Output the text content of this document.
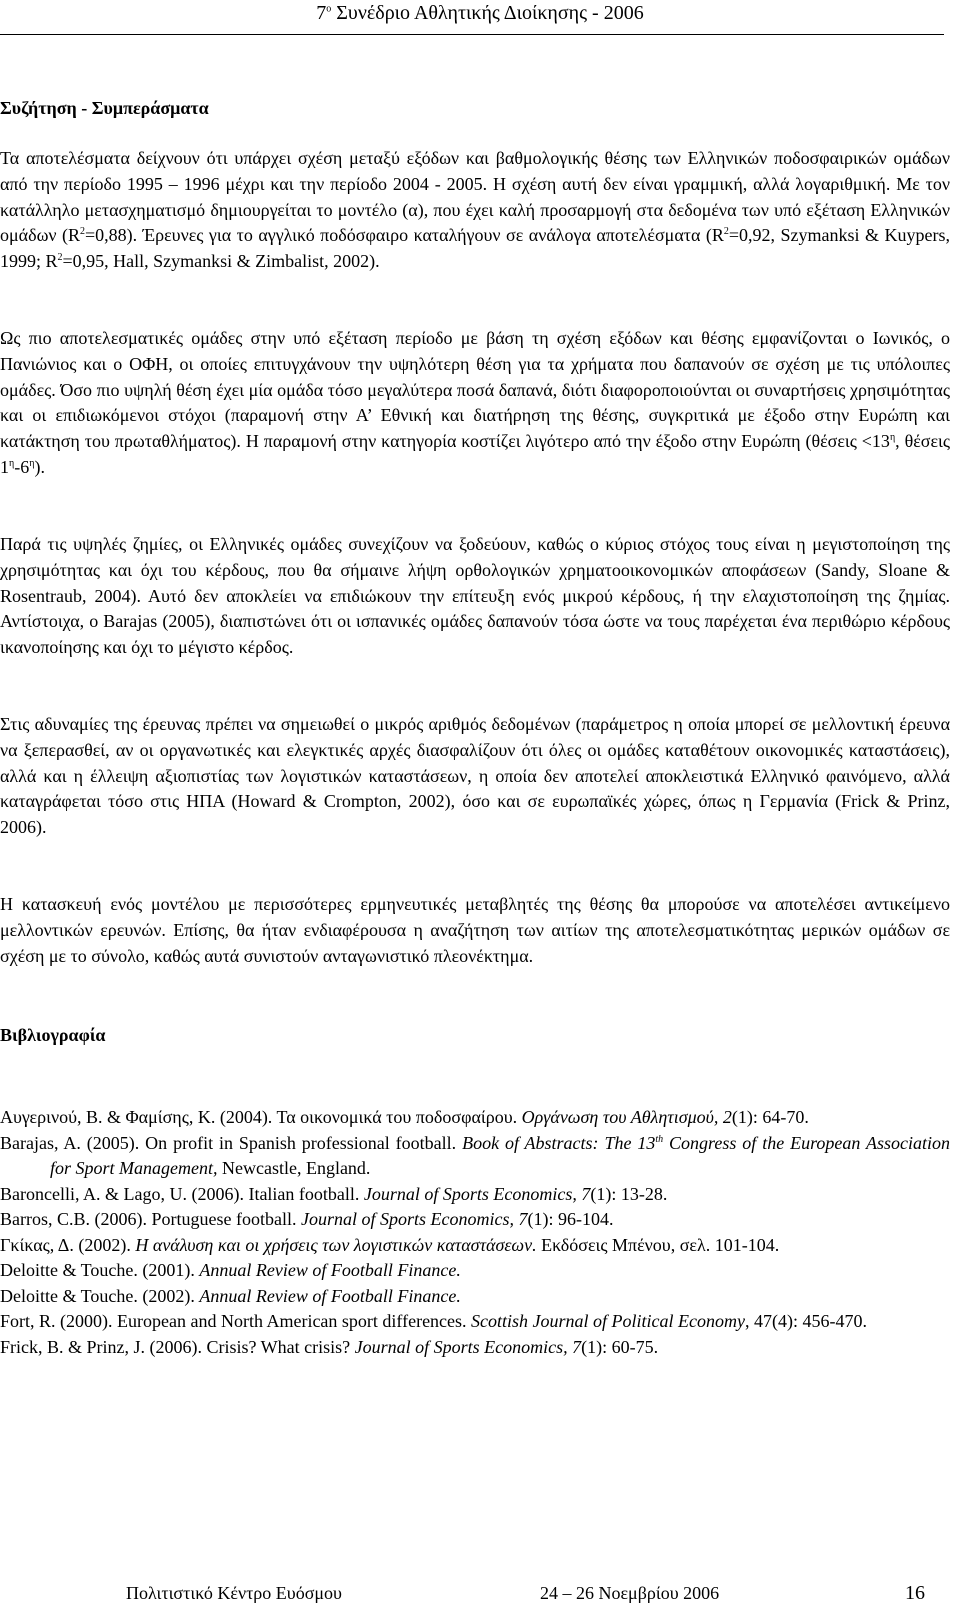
$7^o$ Συνέδριο Αθλητικής Διοίκησης - 2006
Συζήτηση - Συμπεράσματα
Τα αποτελέσματα δείχνουν ότι υπάρχει σχέση μεταξύ εξόδων και βαθμολογικής θέσης των Ελληνικών ποδοσφαιρικών ομάδων από την περίοδο 1995 – 1996 μέχρι και την περίοδο 2004 - 2005. Η σχέση αυτή δεν είναι γραμμική, αλλά λογαριθμική. Με τον κατάλληλο μετασχηματισμό δημιουργείται το μοντέλο (α), που έχει καλή προσαρμογή στα δεδομένα των υπό εξέταση Ελληνικών ομάδων $(R^2=0,88)$. Έρευνες για το αγγλικό ποδόσφαιρο καταλήγουν σε ανάλογα αποτελέσματα ($R^2=0,92$, Szymanksi & Kuypers, 1999; $R^2=0,95$, Hall, Szymanksi & Zimbalist, 2002).
Ως πιο αποτελεσματικές ομάδες στην υπό εξέταση περίοδο με βάση τη σχέση εξόδων και θέσης εμφανίζονται ο Ιωνικός, ο Πανιώνιος και ο ΟΦΗ, οι οποίες επιτυγχάνουν την υψηλότερη θέση για τα χρήματα που δαπανούν σε σχέση με τις υπόλοιπες ομάδες. Όσο πιο υψηλή θέση έχει μία ομάδα τόσο μεγαλύτερα ποσά δαπανά, διότι διαφοροποιούνται οι συναρτήσεις χρησιμότητας και οι επιδιωκόμενοι στόχοι (παραμονή στην Α’ Εθνική και διατήρηση της θέσης, συγκριτικά με έξοδο στην Ευρώπη και κατάκτηση του πρωταθλήματος). Η παραμονή στην κατηγορία κοστίζει λιγότερο από την έξοδο στην Ευρώπη ($\theta έ\sigma\varepsilon\iota\varsigma <13^\eta$, θέσεις $1^\eta-6^\eta$).
Παρά τις υψηλές ζημίες, οι Ελληνικές ομάδες συνεχίζουν να ξοδεύουν, καθώς ο κύριος στόχος τους είναι η μεγιστοποίηση της χρησιμότητας και όχι του κέρδους, που θα σήμαινε λήψη ορθολογικών χρηματοοικονομικών αποφάσεων (Sandy, Sloane & Rosentraub, 2004). Αυτό δεν αποκλείει να επιδιώκουν την επίτευξη ενός μικρού κέρδους, ή την ελαχιστοποίηση της ζημίας. Αντίστοιχα, ο Barajas (2005), διαπιστώνει ότι οι ισπανικές ομάδες δαπανούν τόσα ώστε να τους παρέχεται ένα περιθώριο κέρδους ικανοποίησης και όχι το μέγιστο κέρδος.
Στις αδυναμίες της έρευνας πρέπει να σημειωθεί ο μικρός αριθμός δεδομένων (παράμετρος η οποία μπορεί σε μελλοντική έρευνα να ξεπερασθεί, αν οι οργανωτικές και ελεγκτικές αρχές διασφαλίζουν ότι όλες οι ομάδες καταθέτουν οικονομικές καταστάσεις), αλλά και η έλλειψη αξιοπιστίας των λογιστικών καταστάσεων, η οποία δεν αποτελεί αποκλειστικά Ελληνικό φαινόμενο, αλλά καταγράφεται τόσο στις ΗΠΑ (Howard & Crompton, 2002), όσο και σε ευρωπαϊκές χώρες, όπως η Γερμανία (Frick & Prinz, 2006).
Η κατασκευή ενός μοντέλου με περισσότερες ερμηνευτικές μεταβλητές της θέσης θα μπορούσε να αποτελέσει αντικείμενο μελλοντικών ερευνών. Επίσης, θα ήταν ενδιαφέρουσα η αναζήτηση των αιτίων της αποτελεσματικότητας μερικών ομάδων σε σχέση με το σύνολο, καθώς αυτά συνιστούν ανταγωνιστικό πλεονέκτημα.
Βιβλιογραφία

Αυγερινού, Β. & Φαμίσης, Κ. (2004). Τα οικονομικά του ποδοσφαίρου. Οργάνωση του Αθλητισμού, 2(1): 64-70.

Barajas, A. (2005). On profit in Spanish professional football. Book of Abstracts: The 13th Congress of the European Association for Sport Management, Newcastle, England.

Baroncelli, A. & Lago, U. (2006). Italian football. Journal of Sports Economics, 7(1): 13-28.

Barros, C.B. (2006). Portuguese football. Journal of Sports Economics, 7(1): 96-104.

Γκίκας, Δ. (2002). Η ανάλυση και οι χρήσεις των λογιστικών καταστάσεων. Εκδόσεις Μπένου, σελ. 101-104.

Deloitte & Touche. (2001). Annual Review of Football Finance.

Deloitte & Touche. (2002). Annual Review of Football Finance.

Fort, R. (2000). European and North American sport differences. Scottish Journal of Political Economy, 47(4): 456-470.

Frick, B. & Prinz, J. (2006). Crisis? What crisis? Journal of Sports Economics, 7(1): 60-75.

Πολιτιστικό Κέντρο Ευόσμου	24 – 26 Νοεμβρίου 2006	16
